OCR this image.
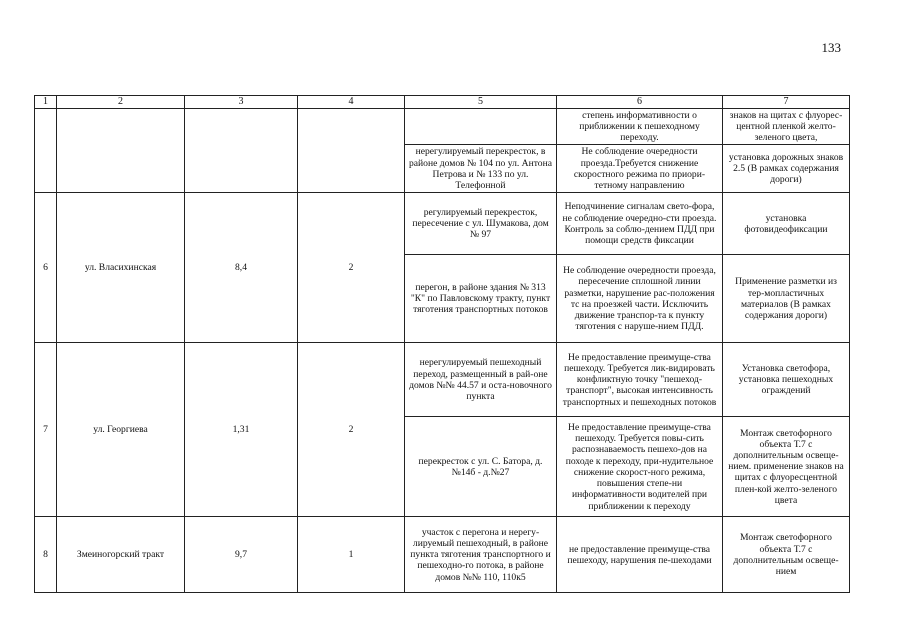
133
1	2	3	4	5	6	7
					степень информативности о приближении к пешеходному переходу.	знаков на щитах с флуорес-центной пленкой желто-зеленого цвета,
				нерегулируемый перекресток, в районе домов № 104 по ул. Антона Петрова и № 133 по ул. Телефонной	Не соблюдение очередности проезда.Требуется снижение скоростного режима по приори-тетному направлению	установка дорожных знаков 2.5 (В рамках содержания дороги)
6	ул. Власихинская	8,4	2	регулируемый перекресток, пересечение с ул. Шумакова, дом № 97	Неподчинение сигналам свето-фора, не соблюдение очередно-сти проезда. Контроль за соблю-дением ПДД при помощи средств фиксации	установка фотовидеофиксации
				перегон, в районе здания № 313 "К" по Павловскому тракту, пункт тяготения транспортных потоков	Не соблюдение очередности проезда, пересечение сплошной линии разметки, нарушение рас-положения тс на проезжей части. Исключить движение транспор-та к пункту тяготения с наруше-нием ПДД.	Применение разметки из тер-мопластичных материалов (В рамках содержания дороги)
7	ул. Георгиева	1,31	2	нерегулируемый пешеходный переход, размещенный в рай-оне домов №№ 44.57 и оста-новочного пункта	Не предоставление преимуще-ства пешеходу. Требуется лик-видировать конфликтную точку "пешеход-транспорт", высокая интенсивность транспортных и пешеходных потоков	Установка светофора, установка пешеходных ограждений
				перекресток с ул. С. Батора, д.№14б - д.№27	Не предоставление преимуще-ства пешеходу. Требуется повы-сить распознаваемость пешехо-дов на походе к переходу, при-нудительное снижение скорост-ного режима, повышения степе-ни информативности водителей при приближении к переходу	Монтаж светофорного объекта Т.7 с дополнительным освеще-нием. применение знаков на щитах с флуоресцентной плен-кой желто-зеленого цвета
8	Змеиногорский тракт	9,7	1	участок с перегона и нерегу-лируемый пешеходный, в районе пункта тяготения транспортного и пешеходно-го потока, в районе домов №№ 110, 110к5	не предоставление преимуще-ства пешеходу, нарушения пе-шеходами	Монтаж светофорного объекта Т.7 с дополнительным освеще-нием
